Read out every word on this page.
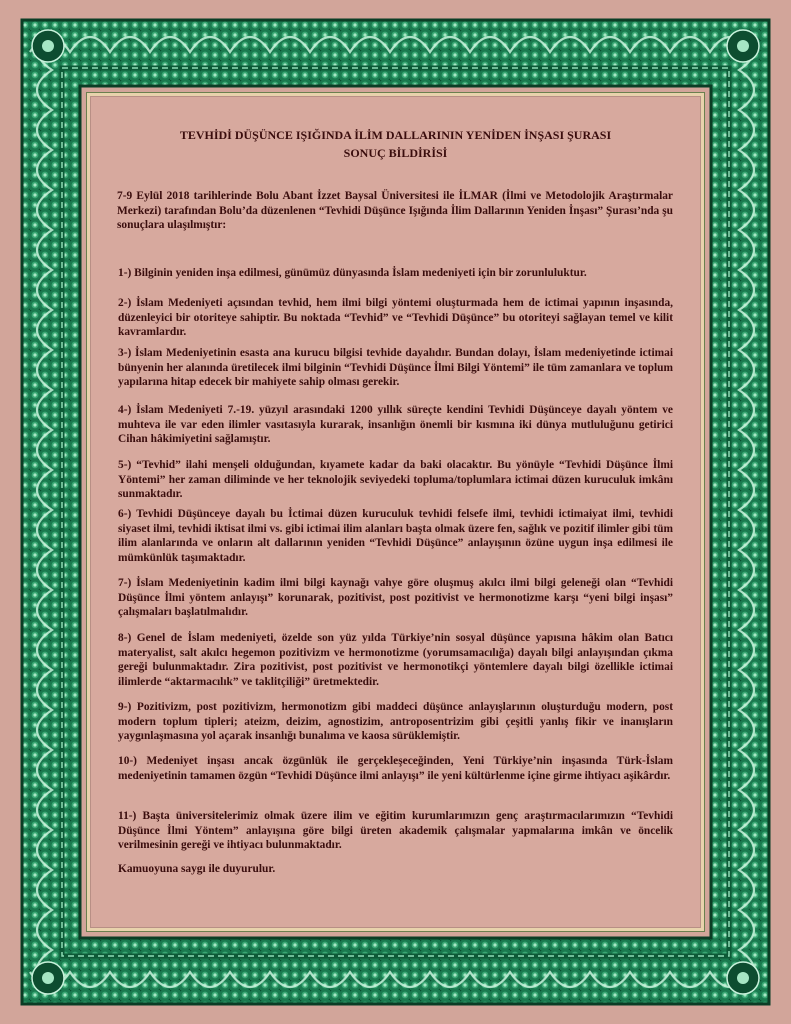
TEVHİDİ DÜŞÜNCE IŞIĞINDA İLİM DALLARININ YENİDEN İNŞASI ŞURASI
SONUÇ BİLDİRİSİ

7-9 Eylül 2018 tarihlerinde Bolu Abant İzzet Baysal Üniversitesi ile İLMAR (İlmi ve Metodolojik Araştırmalar Merkezi) tarafından Bolu’da düzenlenen “Tevhidi Düşünce Işığında İlim Dallarının Yeniden İnşası” Şurası’nda şu sonuçlara ulaşılmıştır:

1-) Bilginin yeniden inşa edilmesi, günümüz dünyasında İslam medeniyeti için bir zorunluluktur.

2-) İslam Medeniyeti açısından tevhid, hem ilmi bilgi yöntemi oluşturmada hem de ictimai yapının inşasında, düzenleyici bir otoriteye sahiptir. Bu noktada “Tevhid” ve “Tevhidi Düşünce” bu otoriteyi sağlayan temel ve kilit kavramlardır.

3-) İslam Medeniyetinin esasta ana kurucu bilgisi tevhide dayalıdır. Bundan dolayı, İslam medeniyetinde ictimai bünyenin her alanında üretilecek ilmi bilginin “Tevhidi Düşünce İlmi Bilgi Yöntemi” ile tüm zamanlara ve toplum yapılarına hitap edecek bir mahiyete sahip olması gerekir.

4-) İslam Medeniyeti 7.-19. yüzyıl arasındaki 1200 yıllık süreçte kendini Tevhidi Düşünceye dayalı yöntem ve muhteva ile var eden ilimler vasıtasıyla kurarak, insanlığın önemli bir kısmına iki dünya mutluluğunu getirici Cihan hâkimiyetini sağlamıştır.

5-) “Tevhid” ilahi menşeli olduğundan, kıyamete kadar da baki olacaktır. Bu yönüyle “Tevhidi Düşünce İlmi Yöntemi” her zaman diliminde ve her teknolojik seviyedeki topluma/toplumlara ictimai düzen kuruculuk imkânı sunmaktadır.

6-) Tevhidi Düşünceye dayalı bu İctimai düzen kuruculuk tevhidi felsefe ilmi, tevhidi ictimaiyat ilmi, tevhidi siyaset ilmi, tevhidi iktisat ilmi vs. gibi ictimai ilim alanları başta olmak üzere fen, sağlık ve pozitif ilimler gibi tüm ilim alanlarında ve onların alt dallarının yeniden “Tevhidi Düşünce” anlayışının özüne uygun inşa edilmesi ile mümkünlük taşımaktadır.

7-) İslam Medeniyetinin kadim ilmi bilgi kaynağı vahye göre oluşmuş akılcı ilmi bilgi geleneği olan “Tevhidi Düşünce İlmi yöntem anlayışı” korunarak, pozitivist, post pozitivist ve hermonotizme karşı “yeni bilgi inşası” çalışmaları başlatılmalıdır.

8-) Genel de İslam medeniyeti, özelde son yüz yılda Türkiye’nin sosyal düşünce yapısına hâkim olan Batıcı materyalist, salt akılcı hegemon pozitivizm ve hermonotizme (yorumsamacılığa) dayalı bilgi anlayışından çıkma gereği bulunmaktadır. Zira pozitivist, post pozitivist ve hermonotikçi yöntemlere dayalı bilgi özellikle ictimai ilimlerde “aktarmacılık” ve taklitçiliği” üretmektedir.

9-) Pozitivizm, post pozitivizm, hermonotizm gibi maddeci düşünce anlayışlarının oluşturduğu modern, post modern toplum tipleri; ateizm, deizim, agnostizim, antroposentrizim gibi çeşitli yanlış fikir ve inanışların yaygınlaşmasına yol açarak insanlığı bunalıma ve kaosa sürüklemiştir.

10-) Medeniyet inşası ancak özgünlük ile gerçekleşeceğinden, Yeni Türkiye’nin inşasında Türk-İslam medeniyetinin tamamen özgün “Tevhidi Düşünce ilmi anlayışı” ile yeni kültürlenme içine girme ihtiyacı aşikârdır.

11-) Başta üniversitelerimiz olmak üzere ilim ve eğitim kurumlarımızın genç araştırmacılarımızın “Tevhidi Düşünce İlmi Yöntem” anlayışına göre bilgi üreten akademik çalışmalar yapmalarına imkân ve öncelik verilmesinin gereği ve ihtiyacı bulunmaktadır.

Kamuoyuna saygı ile duyurulur.
